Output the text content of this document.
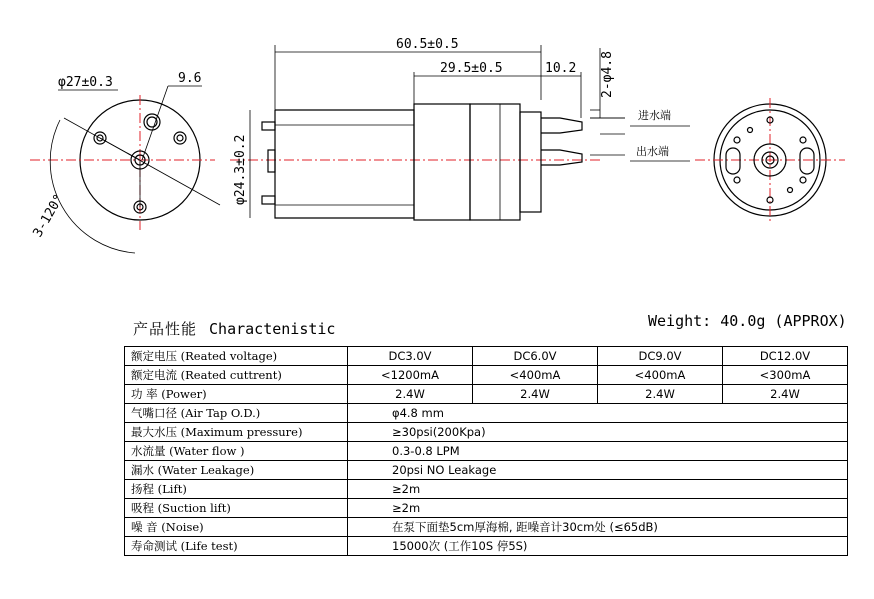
φ27±0.3	9.6
3-120°
60.5±0.5
29.5±0.5	10.2 2-φ4.8
φ24.3±0.2
进水端
出水端
产品性能 Charactenistic	Weight: 40.0g (APPROX)
额定电压 (Reated voltage)	DC3.0V	DC6.0V	DC9.0V	DC12.0V
额定电流 (Reated cuttrent)	<1200mA	<400mA	<400mA	<300mA
功 率 (Power)	2.4W	2.4W	2.4W	2.4W
气嘴口径 (Air Tap O.D.)	φ4.8 mm			
最大水压 (Maximum pressure)	≥30psi(200Kpa)			
水流量 (Water flow )	0.3-0.8 LPM			
漏水 (Water Leakage)	20psi NO Leakage			
扬程 (Lift)	≥2m			
吸程 (Suction lift)	≥2m			
噪 音 (Noise)	在泵下面垫5cm厚海棉, 距噪音计30cm处 (≤65dB)			
寿命测试 (Life test)	15000次 (工作10S 停5S)			
